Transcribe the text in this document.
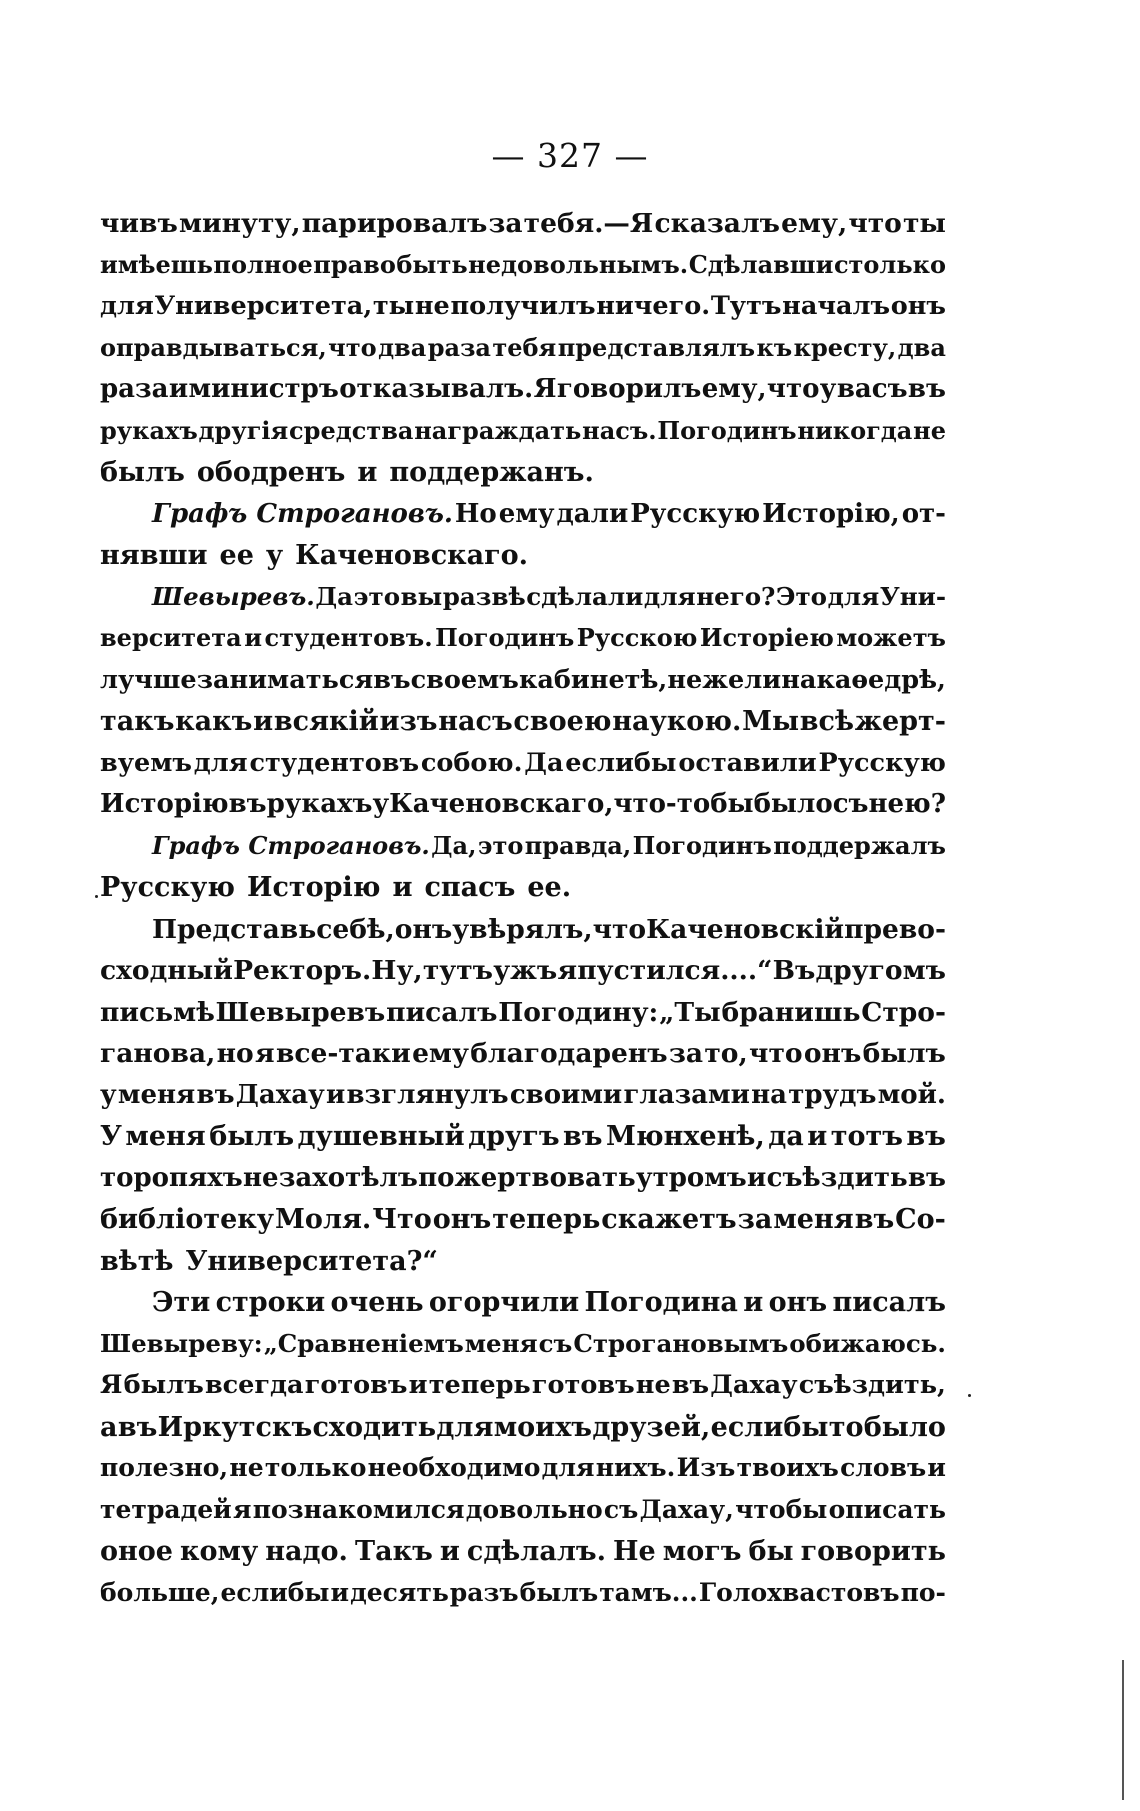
— 327 —
чивъ минуту, парировалъ за тебя.—Я сказалъ ему, что ты
имѣешь полное право быть недовольнымъ. Сдѣлавши столько
для Университета, ты не получилъ ничего. Тутъ началъ онъ
оправдываться, что два раза тебя представлялъ къ кресту, два
раза и министръ отказывалъ. Я говорилъ ему, что у васъ въ
рукахъ другія средства награждать насъ. Погодинъ никогда не
былъ ободренъ и поддержанъ.
Графъ Строгановъ. Но ему дали Русскую Исторію, от-
нявши ее у Каченовскаго.
Шевыревъ. Да это вы развѣ сдѣлали для него? Это для Уни-
верситета и студентовъ. Погодинъ Русскою Исторіею можетъ
лучше заниматься въ своемъ кабинетѣ, нежели на каѳедрѣ,
такъ какъ и всякій изъ насъ своею наукою. Мы всѣ жерт-
вуемъ для студентовъ собою. Да еслибы оставили Русскую
Исторію въ рукахъ у Каченовскаго, что-то бы было съ нею?
Графъ Строгановъ. Да, это правда, Погодинъ поддержалъ
Русскую Исторію и спасъ ее.
Представь себѣ, онъ увѣрялъ, что Каченовскій прево-
сходный Ректоръ. Ну, тутъ ужъ я пустился....“ Въ другомъ
письмѣ Шевыревъ писалъ Погодину: „Ты бранишь Стро-
ганова, но я все-таки ему благодаренъ за то, что онъ былъ
у меня въ Дахау и взглянулъ своими глазами на трудъ мой.
У меня былъ душевный другъ въ Мюнхенѣ, да и тотъ въ
торопяхъ не захотѣлъ пожертвовать утромъ и съѣздить въ
библіотеку Моля. Что онъ теперь скажетъ за меня въ Со-
вѣтѣ Университета?“
Эти строки очень огорчили Погодина и онъ писалъ
Шевыреву: „Сравненіемъ меня съ Строгановымъ обижаюсь.
Я былъ всегда готовъ и теперь готовъ не въ Дахау съѣздить,
а въ Иркутскъ сходить для моихъ друзей, еслибы то было
полезно, не только необходимо для нихъ. Изъ твоихъ словъ и
тетрадей я познакомился довольно съ Дахау, чтобы описать
оное кому надо. Такъ и сдѣлалъ. Не могъ бы говорить
больше, еслибы и десять разъ былъ тамъ... Голохвастовъ по-
